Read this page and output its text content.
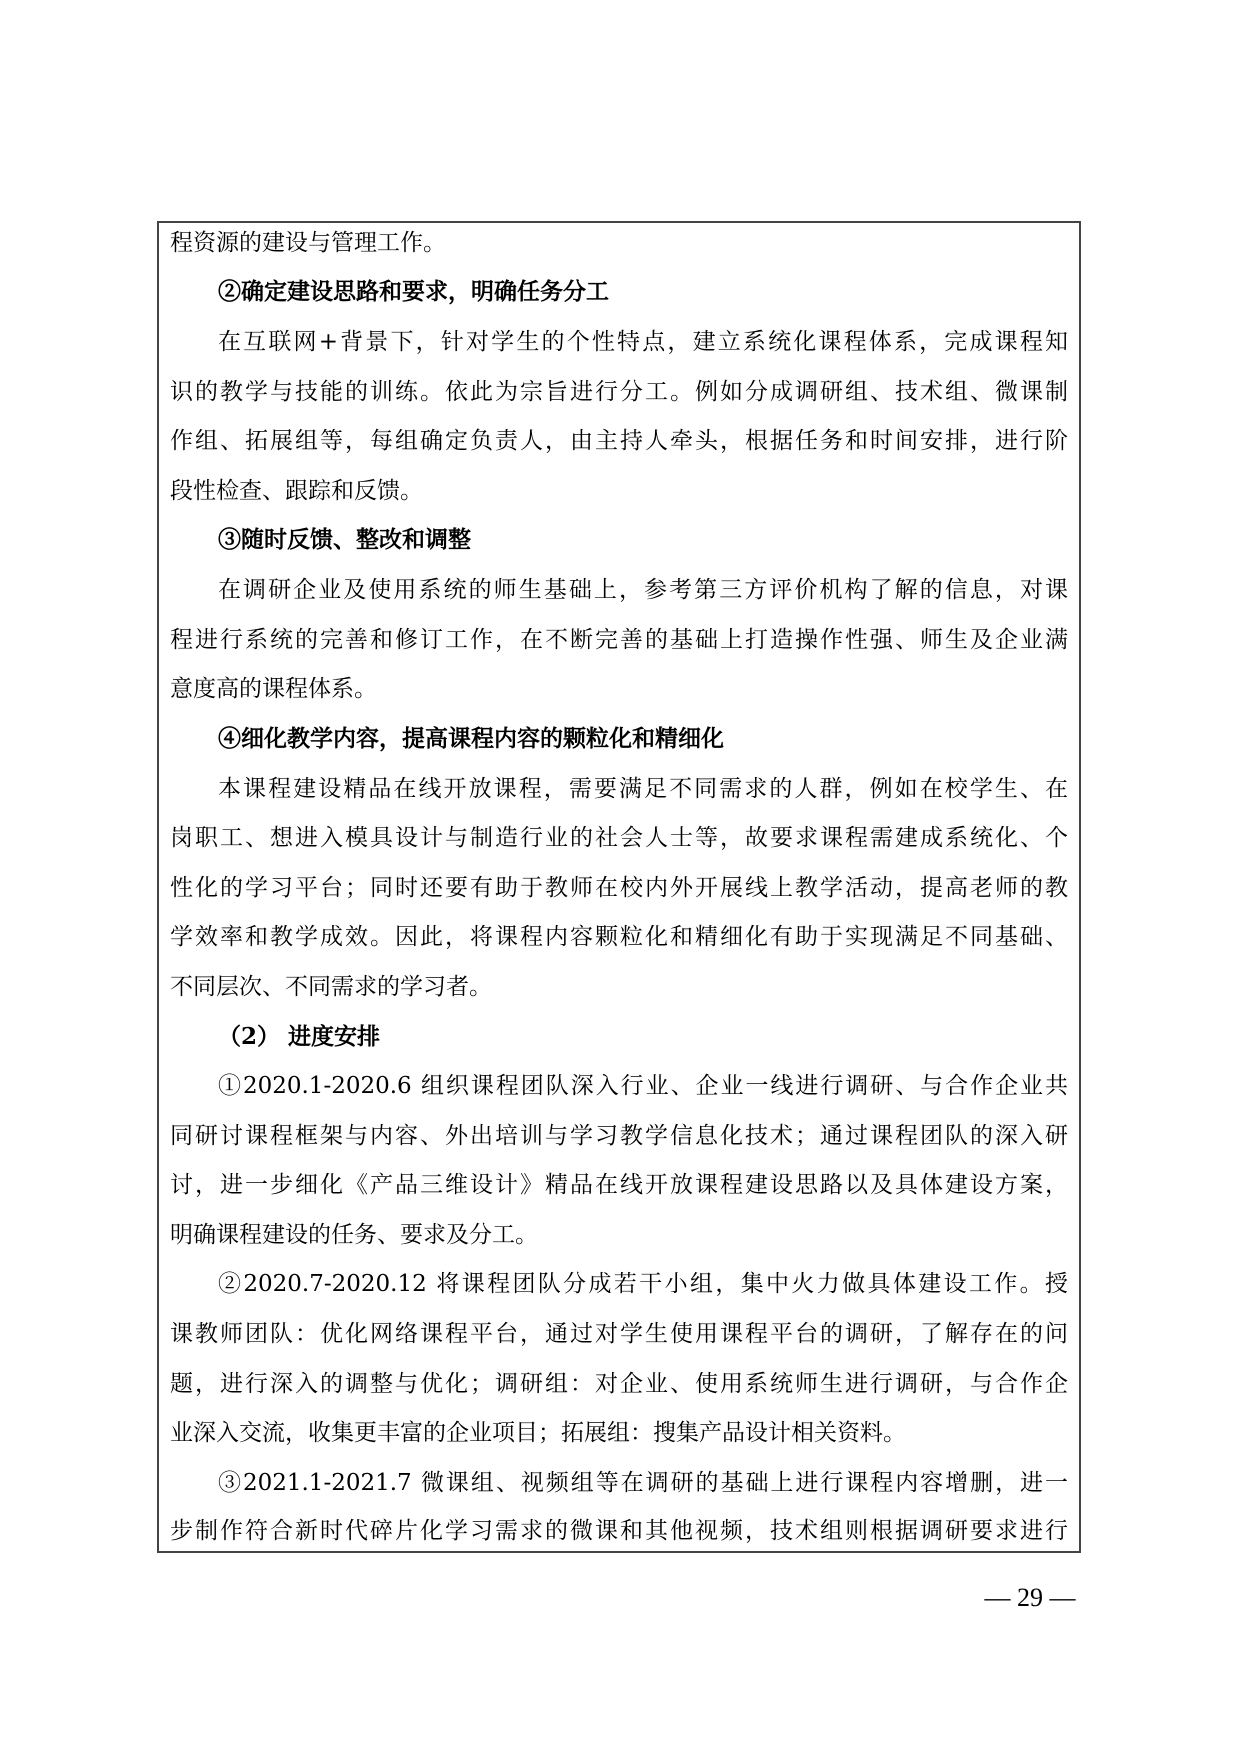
程资源的建设与管理工作。
②确定建设思路和要求，明确任务分工
在互联网+背景下，针对学生的个性特点，建立系统化课程体系，完成课程知
识的教学与技能的训练。依此为宗旨进行分工。例如分成调研组、技术组、微课制
作组、拓展组等，每组确定负责人，由主持人牵头，根据任务和时间安排，进行阶
段性检查、跟踪和反馈。
③随时反馈、整改和调整
在调研企业及使用系统的师生基础上，参考第三方评价机构了解的信息，对课
程进行系统的完善和修订工作，在不断完善的基础上打造操作性强、师生及企业满
意度高的课程体系。
④细化教学内容，提高课程内容的颗粒化和精细化
本课程建设精品在线开放课程，需要满足不同需求的人群，例如在校学生、在
岗职工、想进入模具设计与制造行业的社会人士等，故要求课程需建成系统化、个
性化的学习平台；同时还要有助于教师在校内外开展线上教学活动，提高老师的教
学效率和教学成效。因此，将课程内容颗粒化和精细化有助于实现满足不同基础、
不同层次、不同需求的学习者。
（2） 进度安排
①2020.1-2020.6 组织课程团队深入行业、企业一线进行调研、与合作企业共
同研讨课程框架与内容、外出培训与学习教学信息化技术；通过课程团队的深入研
讨，进一步细化《产品三维设计》精品在线开放课程建设思路以及具体建设方案，
明确课程建设的任务、要求及分工。
②2020.7-2020.12 将课程团队分成若干小组，集中火力做具体建设工作。授
课教师团队：优化网络课程平台，通过对学生使用课程平台的调研，了解存在的问
题，进行深入的调整与优化；调研组：对企业、使用系统师生进行调研，与合作企
业深入交流，收集更丰富的企业项目；拓展组：搜集产品设计相关资料。
③2021.1-2021.7 微课组、视频组等在调研的基础上进行课程内容增删，进一
步制作符合新时代碎片化学习需求的微课和其他视频，技术组则根据调研要求进行
— 29 —
